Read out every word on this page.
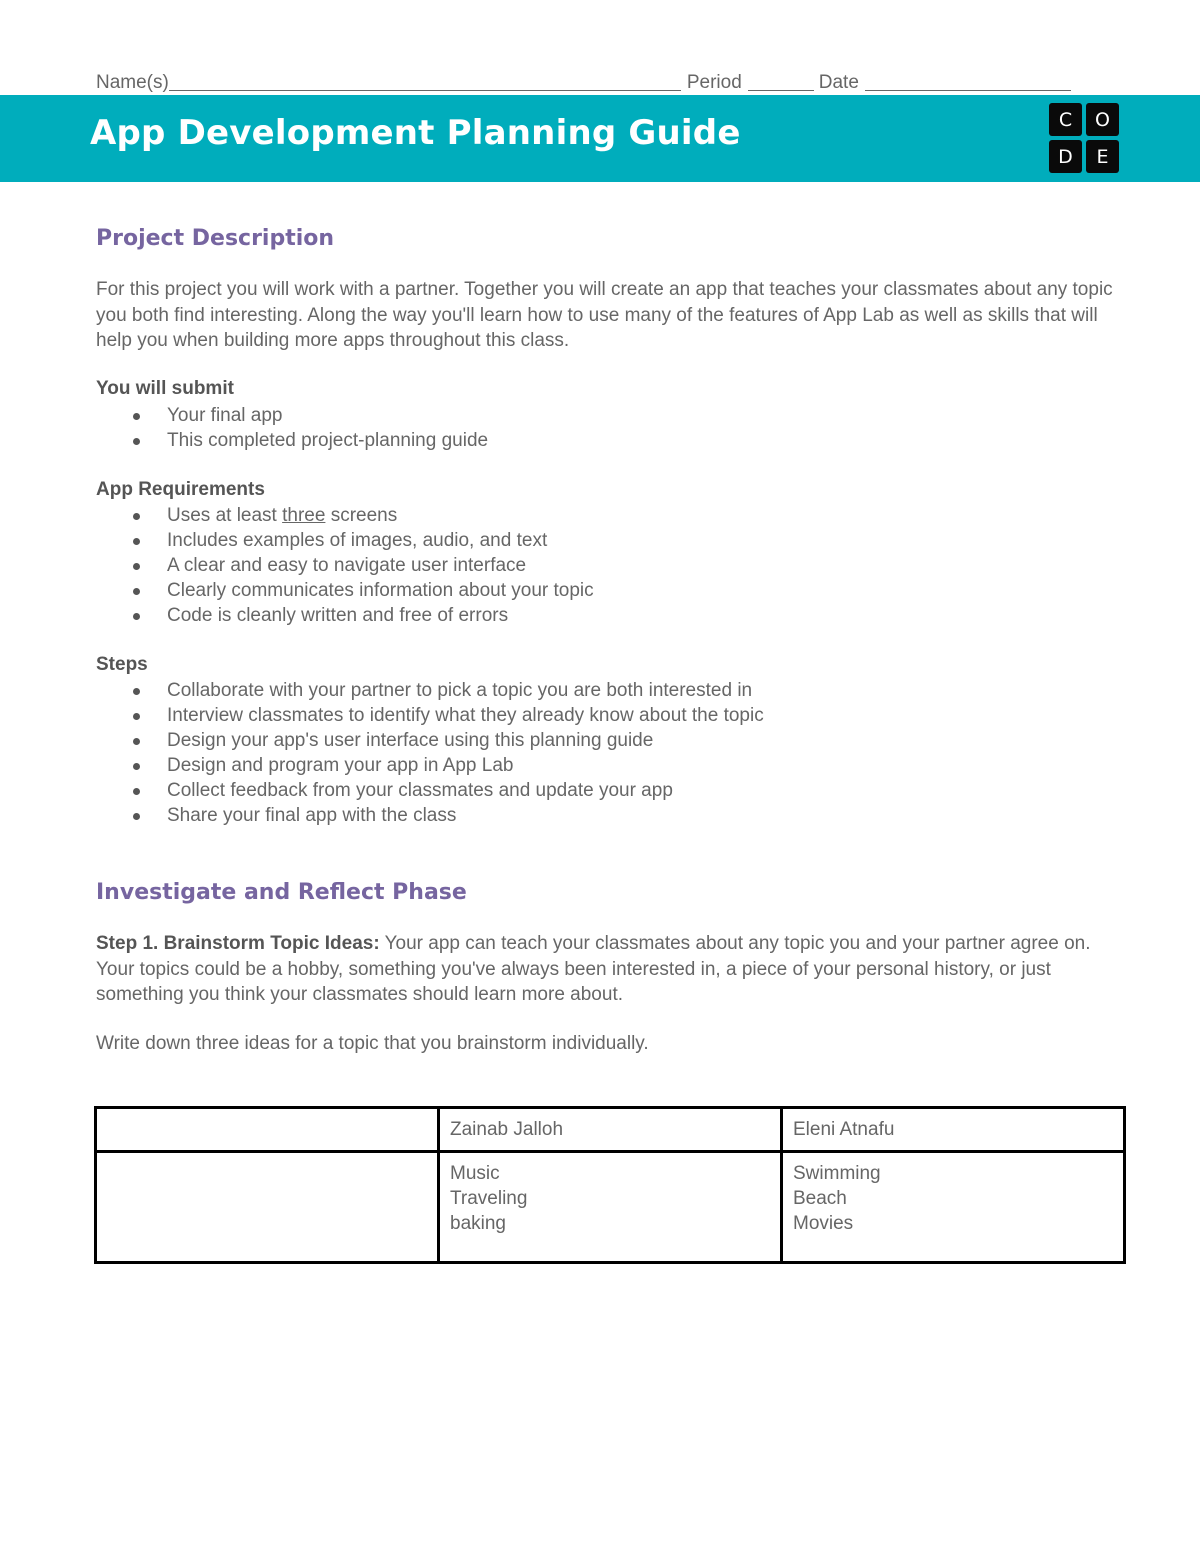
Name(s)	Period	Date
App Development Planning Guide	C	O
D	E
Project Description
For this project you will work with a partner. Together you will create an app that teaches your classmates about any topic you both find interesting. Along the way you'll learn how to use many of the features of App Lab as well as skills that will help you when building more apps throughout this class.
You will submit
Your final app
This completed project-planning guide
App Requirements
Uses at least three screens
Includes examples of images, audio, and text
A clear and easy to navigate user interface
Clearly communicates information about your topic
Code is cleanly written and free of errors
Steps
Collaborate with your partner to pick a topic you are both interested in
Interview classmates to identify what they already know about the topic
Design your app's user interface using this planning guide
Design and program your app in App Lab
Collect feedback from your classmates and update your app
Share your final app with the class
Investigate and Reflect Phase
Step 1. Brainstorm Topic Ideas: Your app can teach your classmates about any topic you and your partner agree on. Your topics could be a hobby, something you've always been interested in, a piece of your personal history, or just something you think your classmates should learn more about.
Write down three ideas for a topic that you brainstorm individually.
	Zainab Jalloh	Eleni Atnafu

	Music
Traveling
baking	Swimming
Beach
Movies
